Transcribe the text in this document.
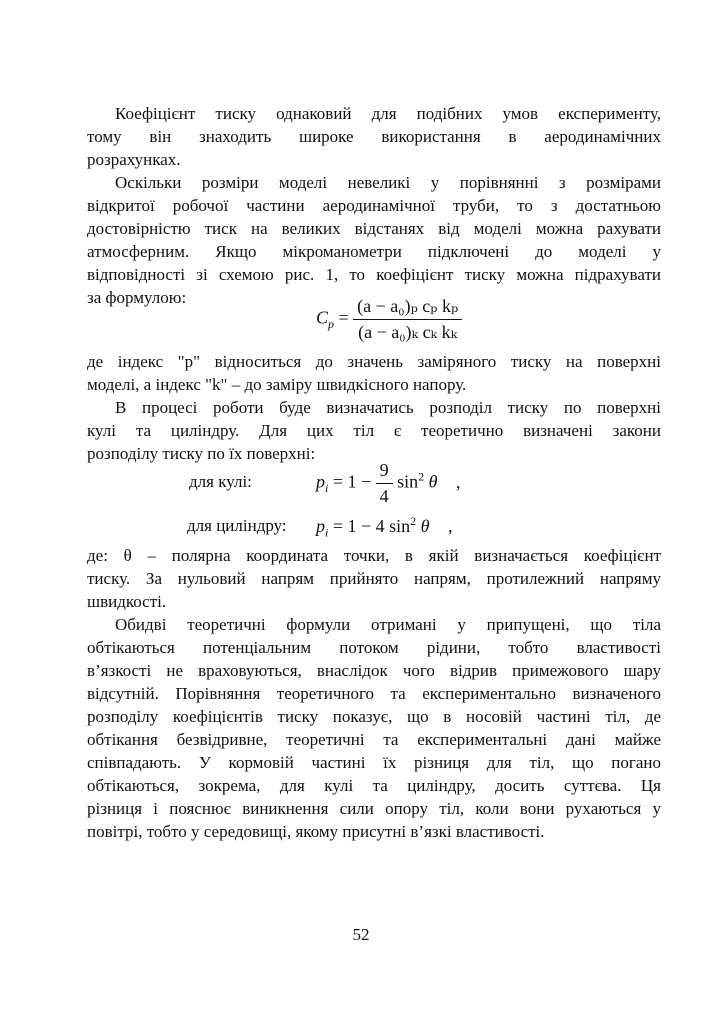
Коефіцієнт тиску однаковий для подібних умов експерименту,
тому він знаходить широке використання в аеродинамічних
розрахунках.
Оскільки розміри моделі невеликі у порівнянні з розмірами
відкритої робочої частини аеродинамічної труби, то з достатньою
достовірністю тиск на великих відстанях від моделі можна рахувати
атмосферним. Якщо мікроманометри підключені до моделі у
відповідності зі схемою рис. 1, то коефіцієнт тиску можна підрахувати
за формулою:
$C_p = \frac{\text{(a − a₀)ₚ cₚ kₚ}}{\text{(a − a₀)ₖ cₖ kₖ}}$
де індекс "p" відноситься до значень заміряного тиску на поверхні
моделі, а індекс "k" – до заміру швидкісного напору.
В процесі роботи буде визначатись розподіл тиску по поверхні
кулі та циліндру. Для цих тіл є теоретично визначені закони
розподілу тиску по їх поверхні:
для кулі:	$p_i = 1 - \frac{9}{4} \sin^2 \theta$ ,
для циліндру: $p_i = 1 - 4$ $\sin^2 \theta$ ,
де: θ – полярна координата точки, в якій визначається коефіцієнт
тиску. За нульовий напрям прийнято напрям, протилежний напряму
швидкості.
Обидві теоретичні формули отримані у припущені, що тіла
обтікаються потенціальним потоком рідини, тобто властивості
в’язкості не враховуються, внаслідок чого відрив примежового шару
відсутній. Порівняння теоретичного та експериментально визначеного
розподілу коефіцієнтів тиску показує, що в носовій частині тіл, де
обтікання безвідривне, теоретичні та експериментальні дані майже
співпадають. У кормовій частині їх різниця для тіл, що погано
обтікаються, зокрема, для кулі та циліндру, досить суттєва. Ця
різниця і пояснює виникнення сили опору тіл, коли вони рухаються у
повітрі, тобто у середовищі, якому присутні в’язкі властивості.
52
